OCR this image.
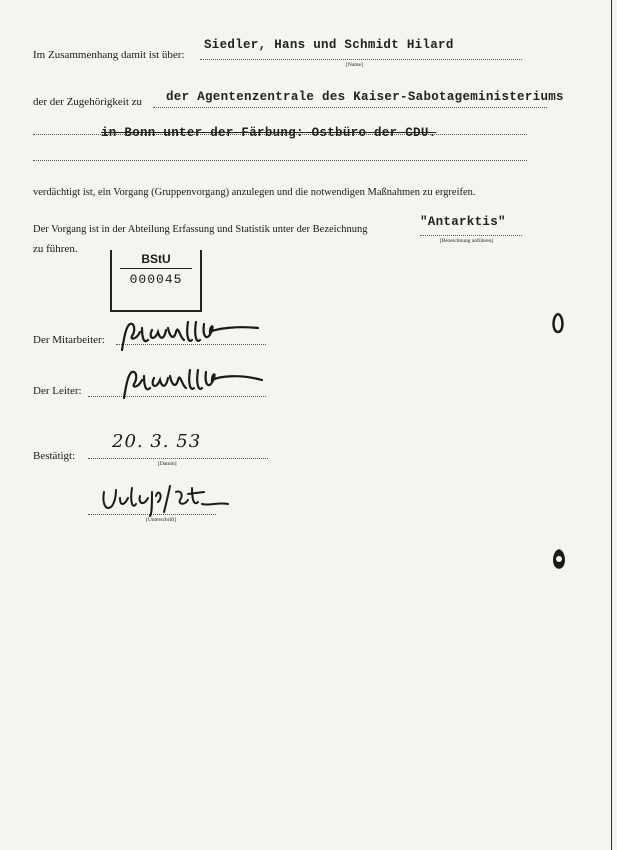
Im Zusammenhang damit ist über:
Siedler, Hans und Schmidt Hilard
[Name]
der der Zugehörigkeit zu der Agentenzentrale des Kaiser-Sabotageministeriums
in Bonn unter der Färbung: Ostbüro der CDU.
verdächtigt ist, ein Vorgang (Gruppenvorgang) anzulegen und die notwendigen Maßnahmen zu ergreifen.
Der Vorgang ist in der Abteilung Erfassung und Statistik unter der Bezeichnung
"Antarktis"
[Bezeichnung anführen]
zu führen.
BStU
000045
Der Mitarbeiter:
Der Leiter:
Bestätigt:
20. 3. 53
[Datum]
[Unterschrift]
